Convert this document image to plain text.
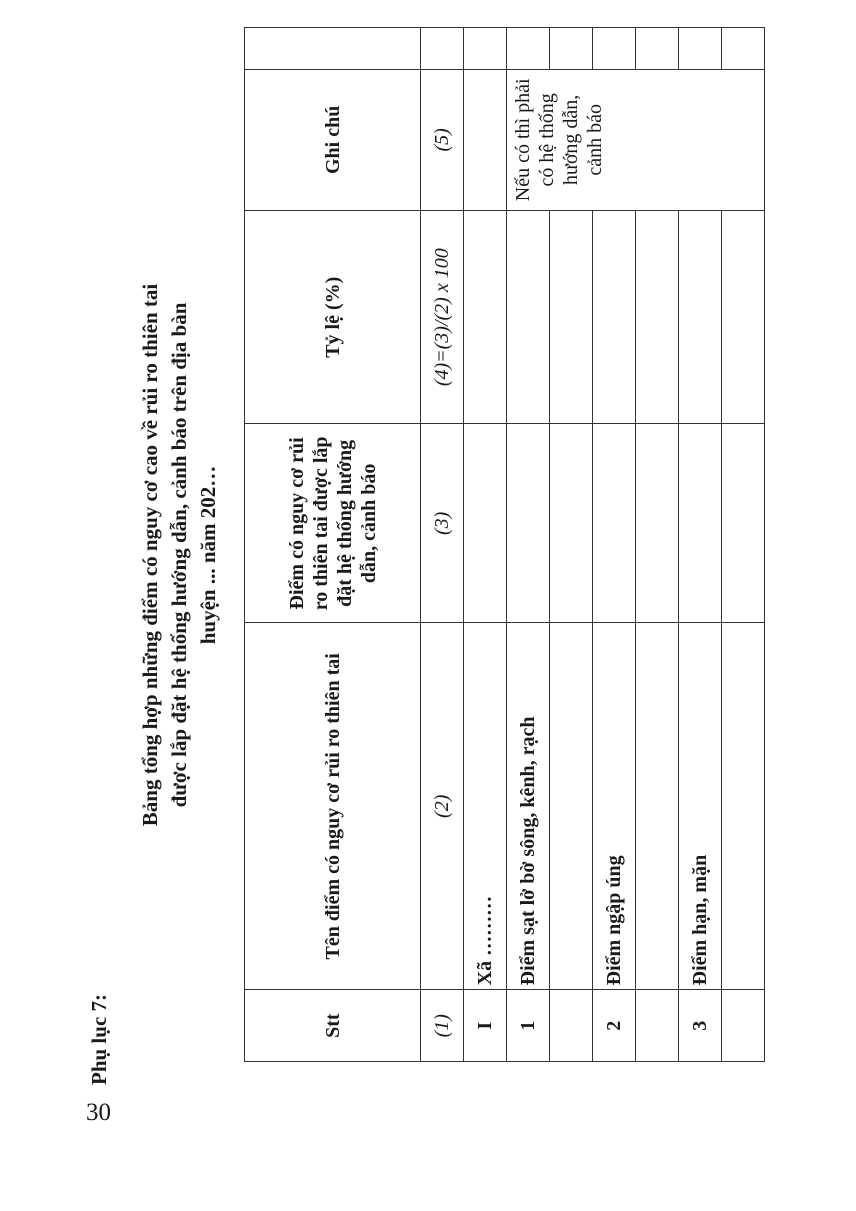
30
Phụ lục 7:
Bảng tổng hợp những điểm có nguy cơ cao về rủi ro thiên tai được lắp đặt hệ thống hướng dẫn, cảnh báo trên địa bàn huyện ... năm 202…
Stt	Tên điểm có nguy cơ rủi ro thiên tai	Điểm có nguy cơ rủi ro thiên tai được lắp đặt hệ thống hướng dẫn, cảnh báo	Tỷ lệ (%)	Ghi chú	
(1)	(2)	(3)	(4)=(3)/(2) x 100	(5)	
I	Xã ………				
1	Điểm sạt lở bờ sông, kênh, rạch			Nếu có thì phải có hệ thống hướng dẫn, cảnh báo	

2	Điểm ngập úng				

3	Điểm hạn, mặn				
